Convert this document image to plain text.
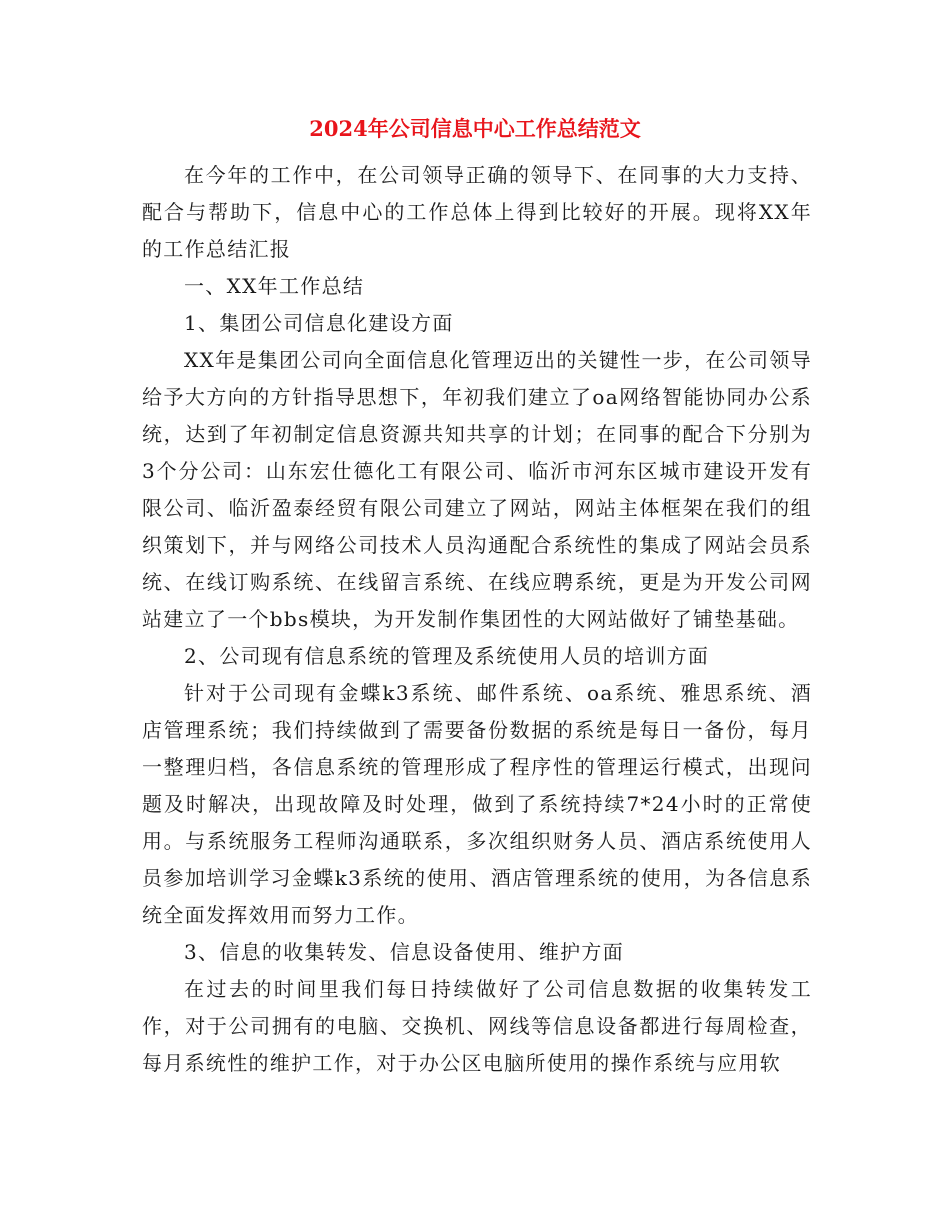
2024年公司信息中心工作总结范文

在今年的工作中，在公司领导正确的领导下、在同事的大力支持、配合与帮助下，信息中心的工作总体上得到比较好的开展。现将XX年的工作总结汇报

一、XX年工作总结

1、集团公司信息化建设方面

XX年是集团公司向全面信息化管理迈出的关键性一步，在公司领导给予大方向的方针指导思想下，年初我们建立了oa网络智能协同办公系统，达到了年初制定信息资源共知共享的计划；在同事的配合下分别为3个分公司：山东宏仕德化工有限公司、临沂市河东区城市建设开发有限公司、临沂盈泰经贸有限公司建立了网站，网站主体框架在我们的组织策划下，并与网络公司技术人员沟通配合系统性的集成了网站会员系统、在线订购系统、在线留言系统、在线应聘系统，更是为开发公司网站建立了一个bbs模块，为开发制作集团性的大网站做好了铺垫基础。

2、公司现有信息系统的管理及系统使用人员的培训方面

针对于公司现有金蝶k3系统、邮件系统、oa系统、雅思系统、酒店管理系统；我们持续做到了需要备份数据的系统是每日一备份，每月一整理归档，各信息系统的管理形成了程序性的管理运行模式，出现问题及时解决，出现故障及时处理，做到了系统持续7*24小时的正常使用。与系统服务工程师沟通联系，多次组织财务人员、酒店系统使用人员参加培训学习金蝶k3系统的使用、酒店管理系统的使用，为各信息系统全面发挥效用而努力工作。

3、信息的收集转发、信息设备使用、维护方面

在过去的时间里我们每日持续做好了公司信息数据的收集转发工作，对于公司拥有的电脑、交换机、网线等信息设备都进行每周检查，每月系统性的维护工作，对于办公区电脑所使用的操作系统与应用软
